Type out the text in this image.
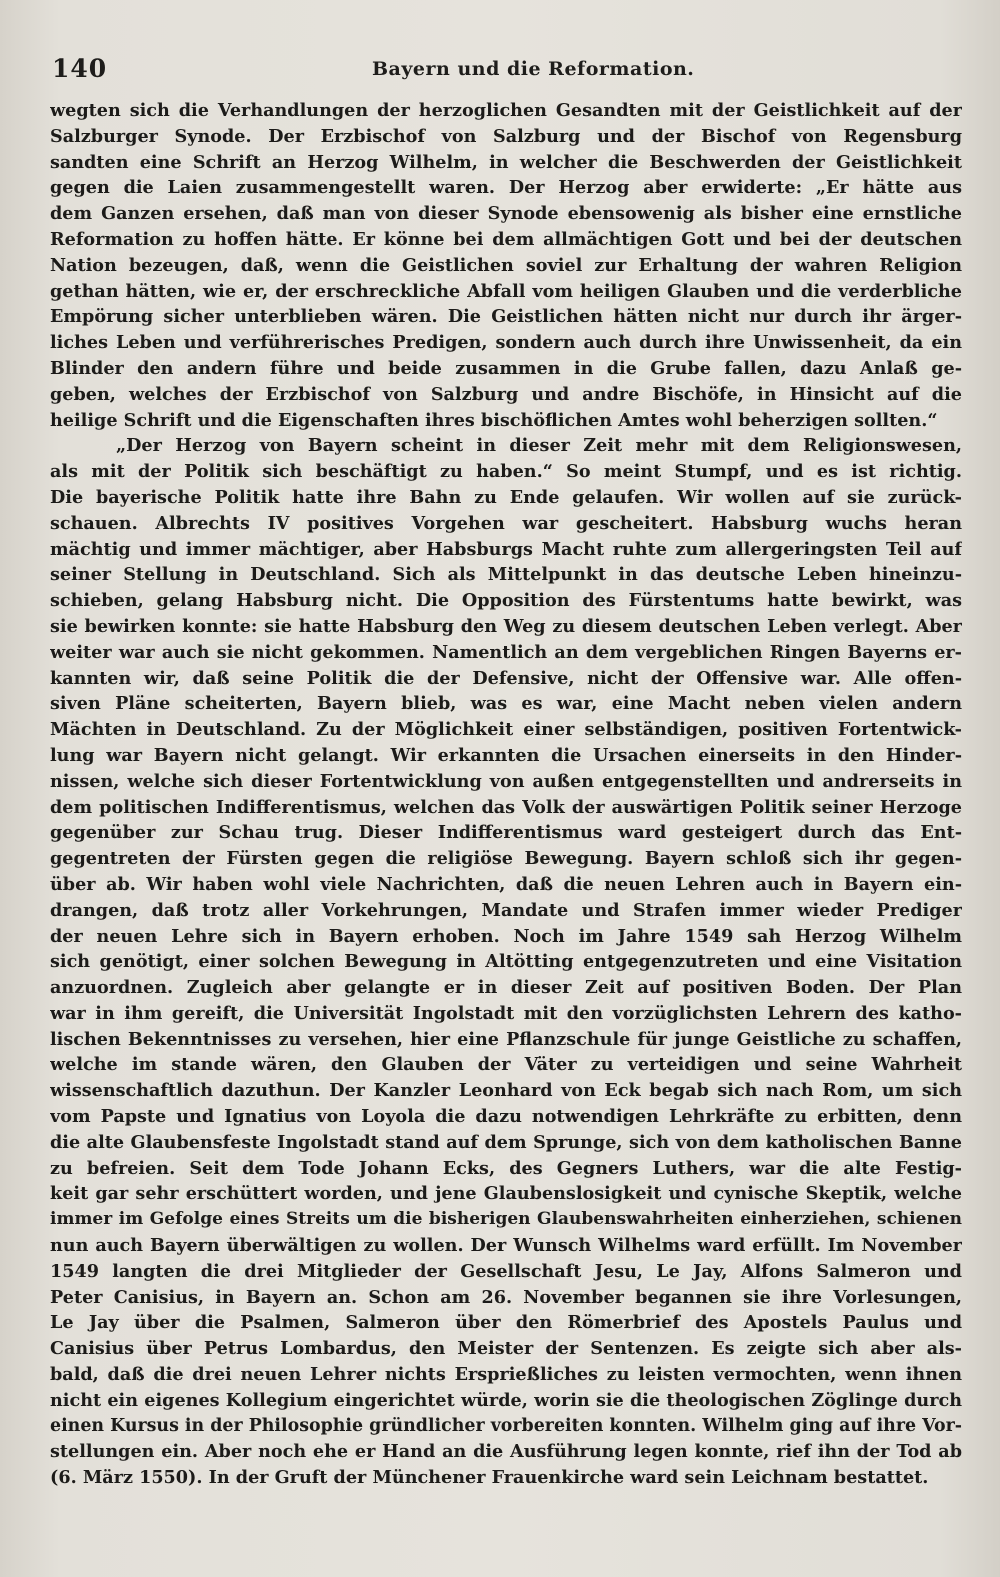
140	Bayern und die Reformation.
wegten sich die Verhandlungen der herzoglichen Gesandten mit der Geistlichkeit auf der
Salzburger Synode. Der Erzbischof von Salzburg und der Bischof von Regensburg
sandten eine Schrift an Herzog Wilhelm, in welcher die Beschwerden der Geistlichkeit
gegen die Laien zusammengestellt waren. Der Herzog aber erwiderte: „Er hätte aus
dem Ganzen ersehen, daß man von dieser Synode ebensowenig als bisher eine ernstliche
Reformation zu hoffen hätte. Er könne bei dem allmächtigen Gott und bei der deutschen
Nation bezeugen, daß, wenn die Geistlichen soviel zur Erhaltung der wahren Religion
gethan hätten, wie er, der erschreckliche Abfall vom heiligen Glauben und die verderbliche
Empörung sicher unterblieben wären. Die Geistlichen hätten nicht nur durch ihr ärger-
liches Leben und verführerisches Predigen, sondern auch durch ihre Unwissenheit, da ein
Blinder den andern führe und beide zusammen in die Grube fallen, dazu Anlaß ge-
geben, welches der Erzbischof von Salzburg und andre Bischöfe, in Hinsicht auf die
heilige Schrift und die Eigenschaften ihres bischöflichen Amtes wohl beherzigen sollten.“
„Der Herzog von Bayern scheint in dieser Zeit mehr mit dem Religionswesen,
als mit der Politik sich beschäftigt zu haben.“ So meint Stumpf, und es ist richtig.
Die bayerische Politik hatte ihre Bahn zu Ende gelaufen. Wir wollen auf sie zurück-
schauen. Albrechts IV positives Vorgehen war gescheitert. Habsburg wuchs heran
mächtig und immer mächtiger, aber Habsburgs Macht ruhte zum allergeringsten Teil auf
seiner Stellung in Deutschland. Sich als Mittelpunkt in das deutsche Leben hineinzu-
schieben, gelang Habsburg nicht. Die Opposition des Fürstentums hatte bewirkt, was
sie bewirken konnte: sie hatte Habsburg den Weg zu diesem deutschen Leben verlegt. Aber
weiter war auch sie nicht gekommen. Namentlich an dem vergeblichen Ringen Bayerns er-
kannten wir, daß seine Politik die der Defensive, nicht der Offensive war. Alle offen-
siven Pläne scheiterten, Bayern blieb, was es war, eine Macht neben vielen andern
Mächten in Deutschland. Zu der Möglichkeit einer selbständigen, positiven Fortentwick-
lung war Bayern nicht gelangt. Wir erkannten die Ursachen einerseits in den Hinder-
nissen, welche sich dieser Fortentwicklung von außen entgegenstellten und andrerseits in
dem politischen Indifferentismus, welchen das Volk der auswärtigen Politik seiner Herzoge
gegenüber zur Schau trug. Dieser Indifferentismus ward gesteigert durch das Ent-
gegentreten der Fürsten gegen die religiöse Bewegung. Bayern schloß sich ihr gegen-
über ab. Wir haben wohl viele Nachrichten, daß die neuen Lehren auch in Bayern ein-
drangen, daß trotz aller Vorkehrungen, Mandate und Strafen immer wieder Prediger
der neuen Lehre sich in Bayern erhoben. Noch im Jahre 1549 sah Herzog Wilhelm
sich genötigt, einer solchen Bewegung in Altötting entgegenzutreten und eine Visitation
anzuordnen. Zugleich aber gelangte er in dieser Zeit auf positiven Boden. Der Plan
war in ihm gereift, die Universität Ingolstadt mit den vorzüglichsten Lehrern des katho-
lischen Bekenntnisses zu versehen, hier eine Pflanzschule für junge Geistliche zu schaffen,
welche im stande wären, den Glauben der Väter zu verteidigen und seine Wahrheit
wissenschaftlich dazuthun. Der Kanzler Leonhard von Eck begab sich nach Rom, um sich
vom Papste und Ignatius von Loyola die dazu notwendigen Lehrkräfte zu erbitten, denn
die alte Glaubensfeste Ingolstadt stand auf dem Sprunge, sich von dem katholischen Banne
zu befreien. Seit dem Tode Johann Ecks, des Gegners Luthers, war die alte Festig-
keit gar sehr erschüttert worden, und jene Glaubenslosigkeit und cynische Skeptik, welche
immer im Gefolge eines Streits um die bisherigen Glaubenswahrheiten einherziehen, schienen
nun auch Bayern überwältigen zu wollen. Der Wunsch Wilhelms ward erfüllt. Im November
1549 langten die drei Mitglieder der Gesellschaft Jesu, Le Jay, Alfons Salmeron und
Peter Canisius, in Bayern an. Schon am 26. November begannen sie ihre Vorlesungen,
Le Jay über die Psalmen, Salmeron über den Römerbrief des Apostels Paulus und
Canisius über Petrus Lombardus, den Meister der Sentenzen. Es zeigte sich aber als-
bald, daß die drei neuen Lehrer nichts Ersprießliches zu leisten vermochten, wenn ihnen
nicht ein eigenes Kollegium eingerichtet würde, worin sie die theologischen Zöglinge durch
einen Kursus in der Philosophie gründlicher vorbereiten konnten. Wilhelm ging auf ihre Vor-
stellungen ein. Aber noch ehe er Hand an die Ausführung legen konnte, rief ihn der Tod ab
(6. März 1550). In der Gruft der Münchener Frauenkirche ward sein Leichnam bestattet.
